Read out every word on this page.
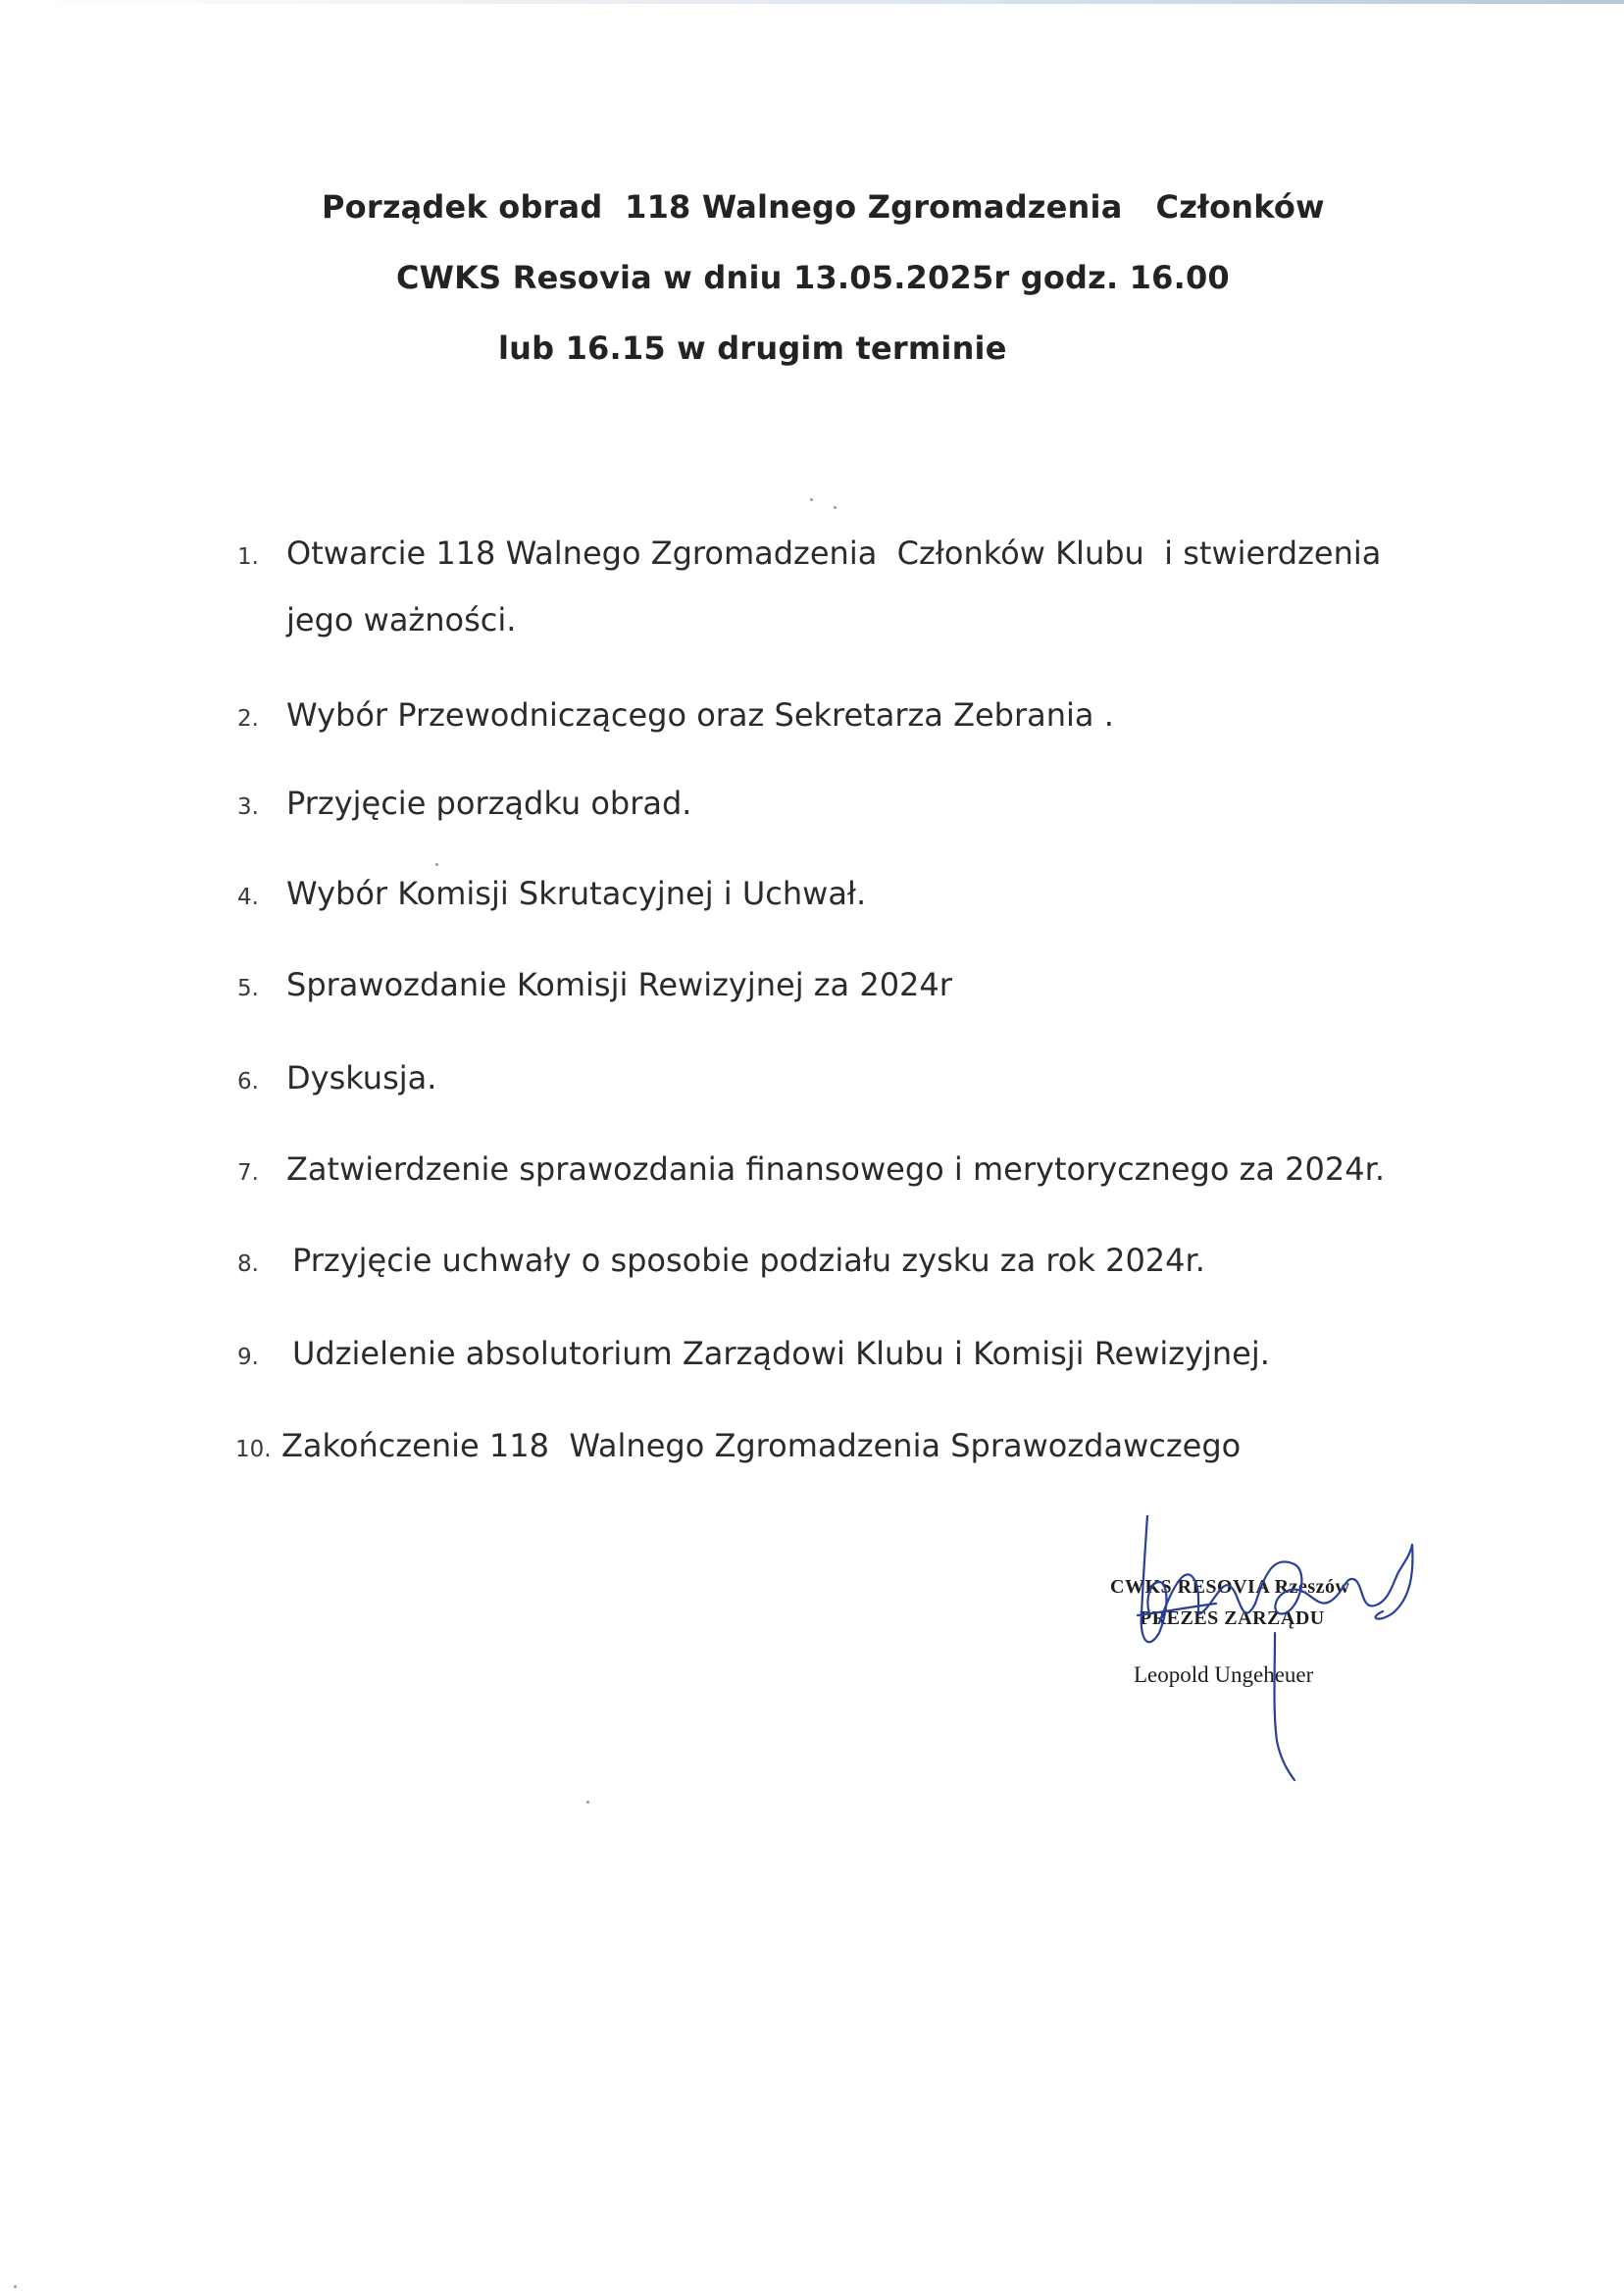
Porządek obrad  118 Walnego Zgromadzenia   Członków
CWKS Resovia w dniu 13.05.2025r godz. 16.00
lub 16.15 w drugim terminie

1.

Otwarcie 118 Walnego Zgromadzenia  Członków Klubu  i stwierdzenia

jego ważności.

2.

Wybór Przewodniczącego oraz Sekretarza Zebrania .

3.

Przyjęcie porządku obrad.

4.

Wybór Komisji Skrutacyjnej i Uchwał.

5.

Sprawozdanie Komisji Rewizyjnej za 2024r

6.

Dyskusja.

7.

Zatwierdzenie sprawozdania finansowego i merytorycznego za 2024r.

8.

Przyjęcie uchwały o sposobie podziału zysku za rok 2024r.

9.

Udzielenie absolutorium Zarządowi Klubu i Komisji Rewizyjnej.

10.

Zakończenie 118  Walnego Zgromadzenia Sprawozdawczego

CWKS RESOVIA Rzeszów
PREZES ZARZĄDU
Leopold Ungeheuer
